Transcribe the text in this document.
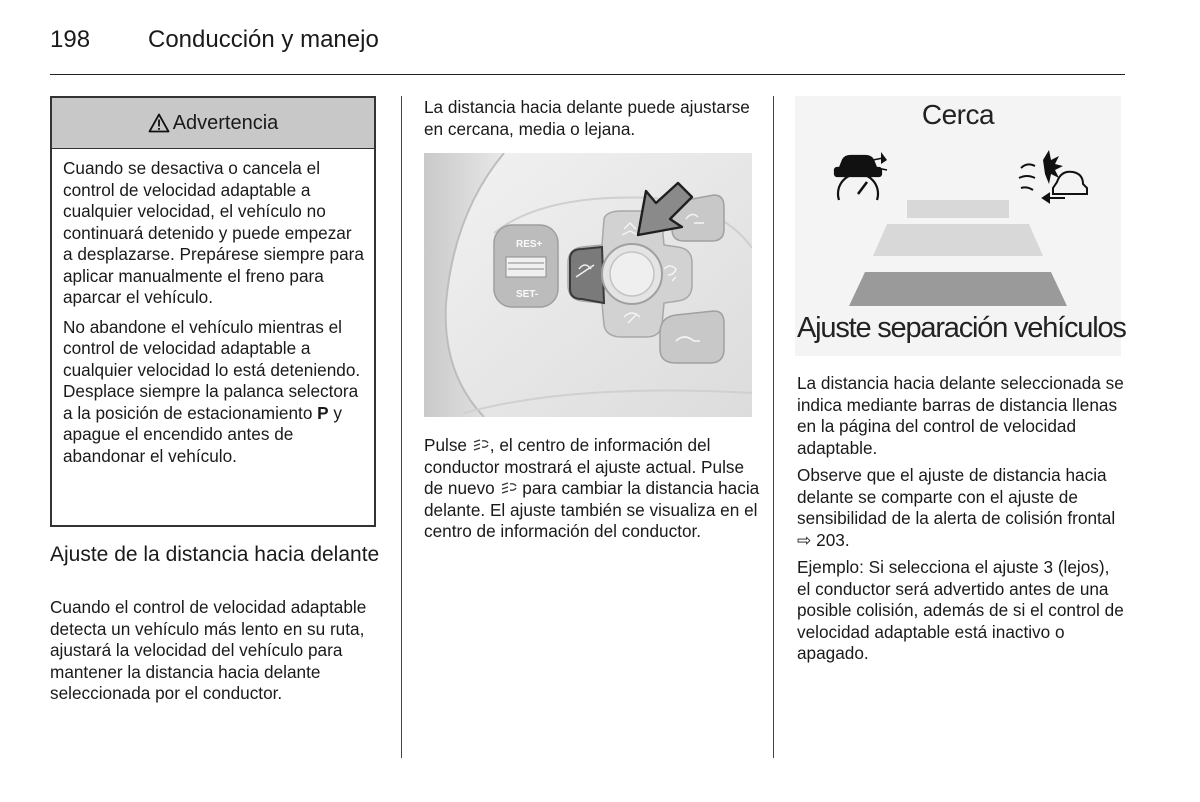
198 Conducción y manejo
Advertencia

Cuando se desactiva o cancela el control de velocidad adaptable a cualquier velocidad, el vehículo no continuará detenido y puede empezar a desplazarse. Prepárese siempre para aplicar manualmente el freno para aparcar el vehículo.

No abandone el vehículo mientras el control de velocidad adaptable a cualquier velocidad lo está deteniendo. Desplace siempre la palanca selectora a la posición de estacionamiento P y apague el encendido antes de abandonar el vehículo.

Ajuste de la distancia hacia delante

Cuando el control de velocidad adaptable detecta un vehículo más lento en su ruta, ajustará la velocidad del vehículo para mantener la distancia hacia delante seleccionada por el conductor.

La distancia hacia delante puede ajustarse en cercana, media o lejana.

RES+
SET-

Pulse , el centro de información del conductor mostrará el ajuste actual. Pulse de nuevo  para cambiar la distancia hacia delante. El ajuste también se visualiza en el centro de información del conductor.

Cerca
Ajuste separación vehículos

La distancia hacia delante seleccionada se indica mediante barras de distancia llenas en la página del control de velocidad adaptable.

Observe que el ajuste de distancia hacia delante se comparte con el ajuste de sensibilidad de la alerta de colisión frontal ⇨ 203.

Ejemplo: Si selecciona el ajuste 3 (lejos), el conductor será advertido antes de una posible colisión, además de si el control de velocidad adaptable está inactivo o apagado.
